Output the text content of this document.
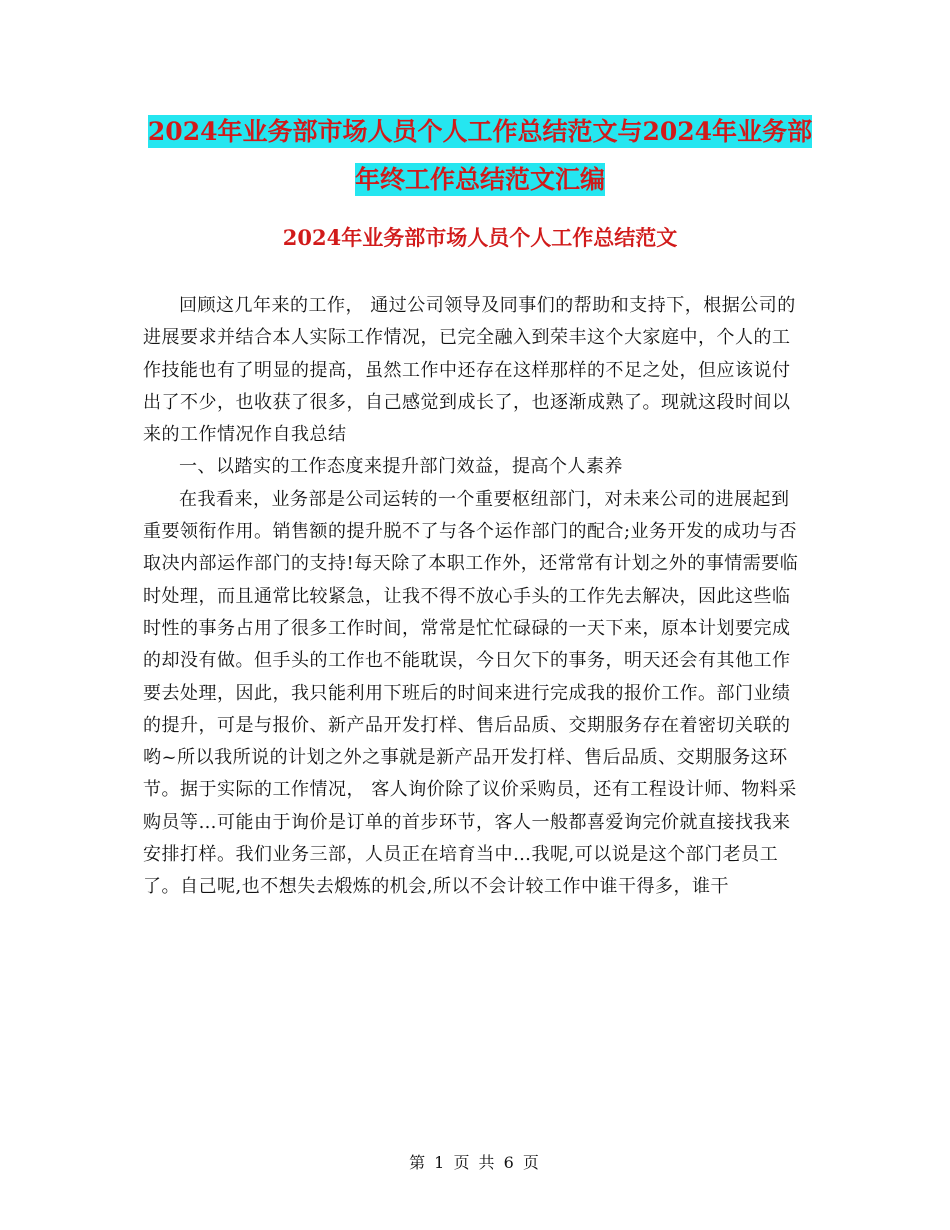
2024年业务部市场人员个人工作总结范文与2024年业务部年终工作总结范文汇编
2024年业务部市场人员个人工作总结范文

回顾这几年来的工作， 通过公司领导及同事们的帮助和支持下，根据公司的进展要求并结合本人实际工作情况，已完全融入到荣丰这个大家庭中，个人的工作技能也有了明显的提高，虽然工作中还存在这样那样的不足之处，但应该说付出了不少，也收获了很多，自己感觉到成长了，也逐渐成熟了。现就这段时间以来的工作情况作自我总结

一、以踏实的工作态度来提升部门效益，提高个人素养

在我看来，业务部是公司运转的一个重要枢纽部门，对未来公司的进展起到重要领衔作用。销售额的提升脱不了与各个运作部门的配合;业务开发的成功与否取决内部运作部门的支持!每天除了本职工作外，还常常有计划之外的事情需要临时处理，而且通常比较紧急，让我不得不放心手头的工作先去解决，因此这些临时性的事务占用了很多工作时间，常常是忙忙碌碌的一天下来，原本计划要完成的却没有做。但手头的工作也不能耽误，今日欠下的事务，明天还会有其他工作要去处理，因此，我只能利用下班后的时间来进行完成我的报价工作。部门业绩的提升，可是与报价、新产品开发打样、售后品质、交期服务存在着密切关联的哟~所以我所说的计划之外之事就是新产品开发打样、售后品质、交期服务这环节。据于实际的工作情况， 客人询价除了议价采购员，还有工程设计师、物料采购员等…可能由于询价是订单的首步环节，客人一般都喜爱询完价就直接找我来安排打样。我们业务三部，人员正在培育当中…我呢,可以说是这个部门老员工了。自己呢,也不想失去煅炼的机会,所以不会计较工作中谁干得多，谁干

第 1 页 共 6 页
